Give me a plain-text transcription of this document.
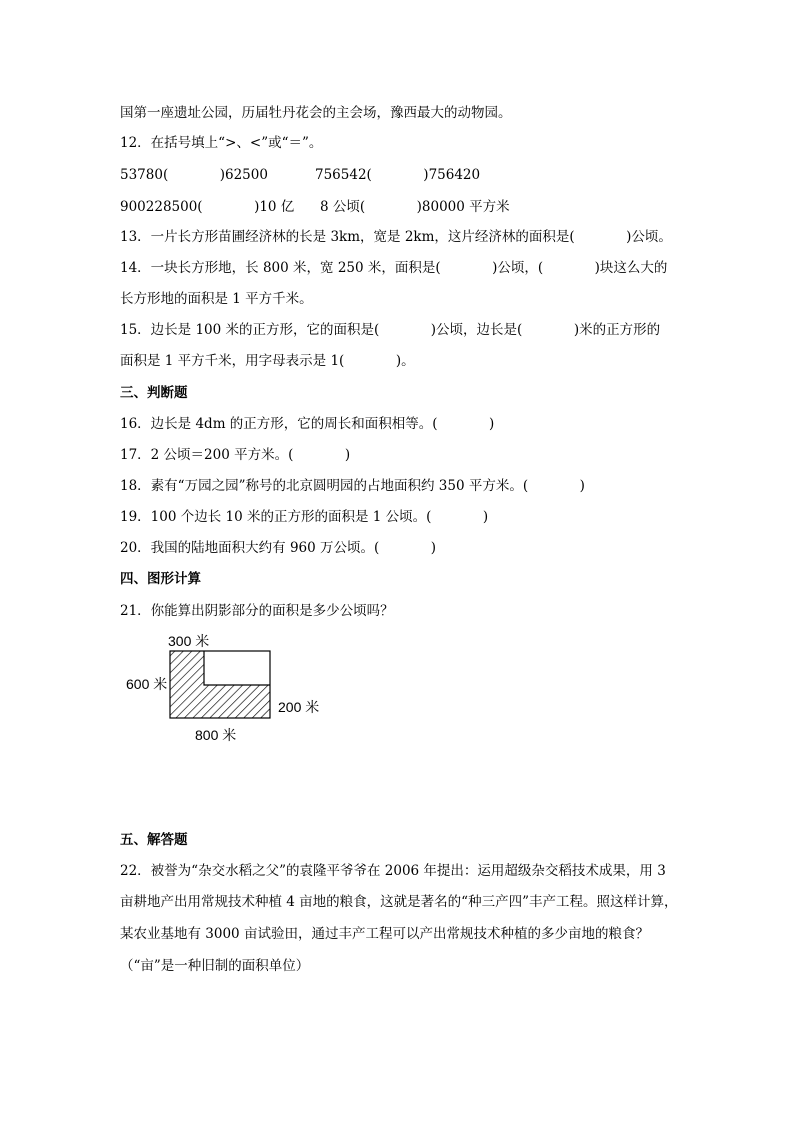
国第一座遗址公园，历届牡丹花会的主会场，豫西最大的动物园。
12．在括号填上“>、<”或“＝”。
53780(            )62500	756542(            )756420
900228500(            )10 亿 8 公顷(            )80000 平方米
13．一片长方形苗圃经济林的长是 3km，宽是 2km，这片经济林的面积是(            )公顷。
14．一块长方形地，长 800 米，宽 250 米，面积是(            )公顷，(            )块这么大的
长方形地的面积是 1 平方千米。
15．边长是 100 米的正方形，它的面积是(            )公顷，边长是(            )米的正方形的
面积是 1 平方千米，用字母表示是 1(            )。
三、判断题
16．边长是 4dm 的正方形，它的周长和面积相等。(            )
17．2 公顷＝200 平方米。(            )
18．素有“万园之园”称号的北京圆明园的占地面积约 350 平方米。(            )
19．100 个边长 10 米的正方形的面积是 1 公顷。(            )
20．我国的陆地面积大约有 960 万公顷。(            )
四、图形计算
21．你能算出阴影部分的面积是多少公顷吗？
300 米
600 米
200 米
800 米
五、解答题
22．被誉为“杂交水稻之父”的袁隆平爷爷在 2006 年提出：运用超级杂交稻技术成果，用 3
亩耕地产出用常规技术种植 4 亩地的粮食，这就是著名的“种三产四”丰产工程。照这样计算，
某农业基地有 3000 亩试验田，通过丰产工程可以产出常规技术种植的多少亩地的粮食？
（“亩”是一种旧制的面积单位）
